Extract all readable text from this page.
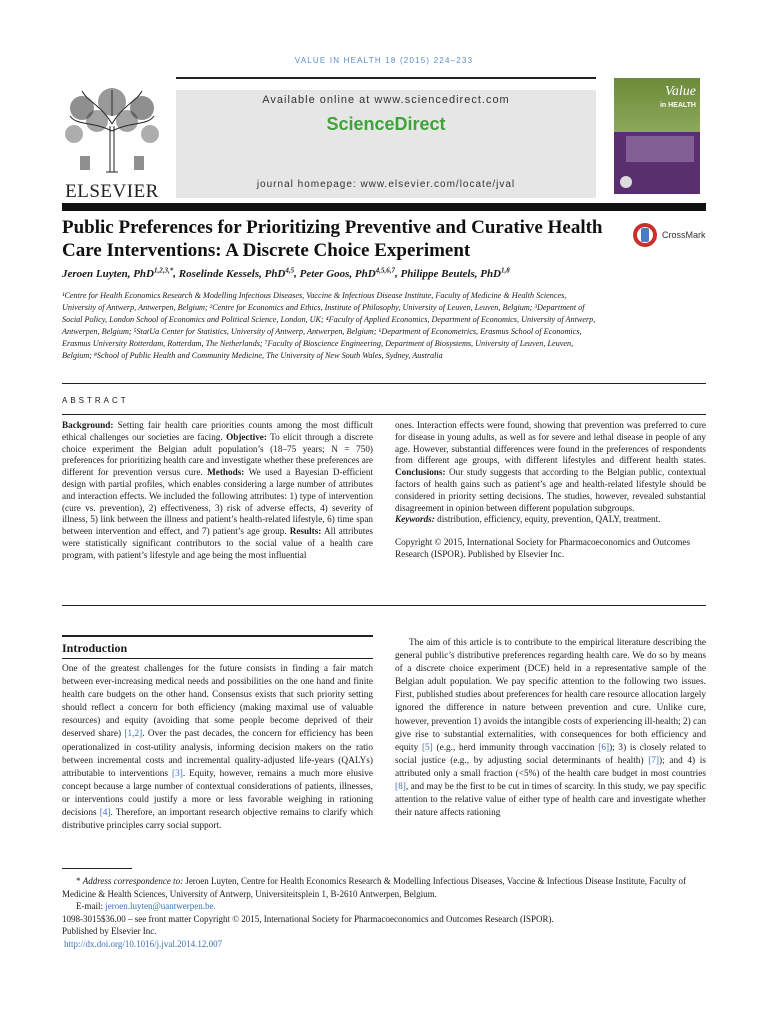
VALUE IN HEALTH 18 (2015) 224–233
ELSEVIER
Available online at www.sciencedirect.com
ScienceDirect
journal homepage: www.elsevier.com/locate/jval
Value
in HEALTH
Public Preferences for Prioritizing Preventive and Curative Health Care Interventions: A Discrete Choice Experiment
CrossMark
Jeroen Luyten, PhD$^{1,2,3,*}$, Roselinde Kessels, PhD$^{4,5}$, Peter Goos, PhD$^{4,5,6,7}$, Philippe Beutels, PhD$^{1,8}$
¹Centre for Health Economics Research & Modelling Infectious Diseases, Vaccine & Infectious Disease Institute, Faculty of Medicine & Health Sciences, University of Antwerp, Antwerpen, Belgium; ²Centre for Economics and Ethics, Institute of Philosophy, University of Leuven, Leuven, Belgium; ³Department of Social Policy, London School of Economics and Political Science, London, UK; ⁴Faculty of Applied Economics, Department of Economics, University of Antwerp, Antwerpen, Belgium; ⁵StatUa Center for Statistics, University of Antwerp, Antwerpen, Belgium; ⁶Department of Econometrics, Erasmus School of Economics, Erasmus University Rotterdam, Rotterdam, The Netherlands; ⁷Faculty of Bioscience Engineering, Department of Biosystems, University of Leuven, Leuven, Belgium; ⁸School of Public Health and Community Medicine, The University of New South Wales, Sydney, Australia
ABSTRACT

Background: Setting fair health care priorities counts among the most difficult ethical challenges our societies are facing. Objective: To elicit through a discrete choice experiment the Belgian adult population’s (18–75 years; N = 750) preferences for prioritizing health care and investigate whether these preferences are different for prevention versus cure. Methods: We used a Bayesian D-efficient design with partial profiles, which enables considering a large number of attributes and interaction effects. We included the following attributes: 1) type of intervention (cure vs. prevention), 2) effectiveness, 3) risk of adverse effects, 4) severity of illness, 5) link between the illness and patient’s health-related lifestyle, 6) time span between intervention and effect, and 7) patient’s age group. Results: All attributes were statistically significant contributors to the social value of a health care program, with patient’s lifestyle and age being the most influential

ones. Interaction effects were found, showing that prevention was preferred to cure for disease in young adults, as well as for severe and lethal disease in people of any age. However, substantial differences were found in the preferences of respondents from different age groups, with different lifestyles and different health states. Conclusions: Our study suggests that according to the Belgian public, contextual factors of health gains such as patient’s age and health-related lifestyle should be considered in priority setting decisions. The studies, however, revealed substantial disagreement in opinion between different population subgroups.

Keywords: distribution, efficiency, equity, prevention, QALY, treatment.

Copyright © 2015, International Society for Pharmacoeconomics and Outcomes Research (ISPOR). Published by Elsevier Inc.

Introduction

One of the greatest challenges for the future consists in finding a fair match between ever-increasing medical needs and possibilities on the one hand and finite health care budgets on the other hand. Consensus exists that such priority setting should reflect a concern for both efficiency (making maximal use of valuable resources) and equity (avoiding that some people become deprived of their deserved share) [1,2]. Over the past decades, the concern for efficiency has been operationalized in cost-utility analysis, informing decision makers on the ratio between incremental costs and incremental quality-adjusted life-years (QALYs) attributable to interventions [3]. Equity, however, remains a much more elusive concept because a large number of contextual considerations of patients, illnesses, or interventions could justify a more or less favorable weighing in rationing decisions [4]. Therefore, an important research objective remains to clarify which distributive principles carry social support.

The aim of this article is to contribute to the empirical literature describing the general public’s distributive preferences regarding health care. We do so by means of a discrete choice experiment (DCE) held in a representative sample of the Belgian adult population. We pay specific attention to the following two issues. First, published studies about preferences for health care resource allocation largely ignored the difference in nature between prevention and cure. Unlike cure, however, prevention 1) avoids the intangible costs of experiencing ill-health; 2) can give rise to substantial externalities, with consequences for both efficiency and equity [5] (e.g., herd immunity through vaccination [6]); 3) is closely related to social justice (e.g., by adjusting social determinants of health) [7]); and 4) is attributed only a small fraction (<5%) of the health care budget in most countries [8], and may be the first to be cut in times of scarcity. In this study, we pay specific attention to the relative value of either type of health care and investigate whether their nature affects rationing

* Address correspondence to: Jeroen Luyten, Centre for Health Economics Research & Modelling Infectious Diseases, Vaccine & Infectious Disease Institute, Faculty of Medicine & Health Sciences, University of Antwerp, Universiteitsplein 1, B-2610 Antwerpen, Belgium.

E-mail: jeroen.luyten@uantwerpen.be.

1098-3015$36.00 – see front matter Copyright © 2015, International Society for Pharmacoeconomics and Outcomes Research (ISPOR).

Published by Elsevier Inc.

http://dx.doi.org/10.1016/j.jval.2014.12.007
